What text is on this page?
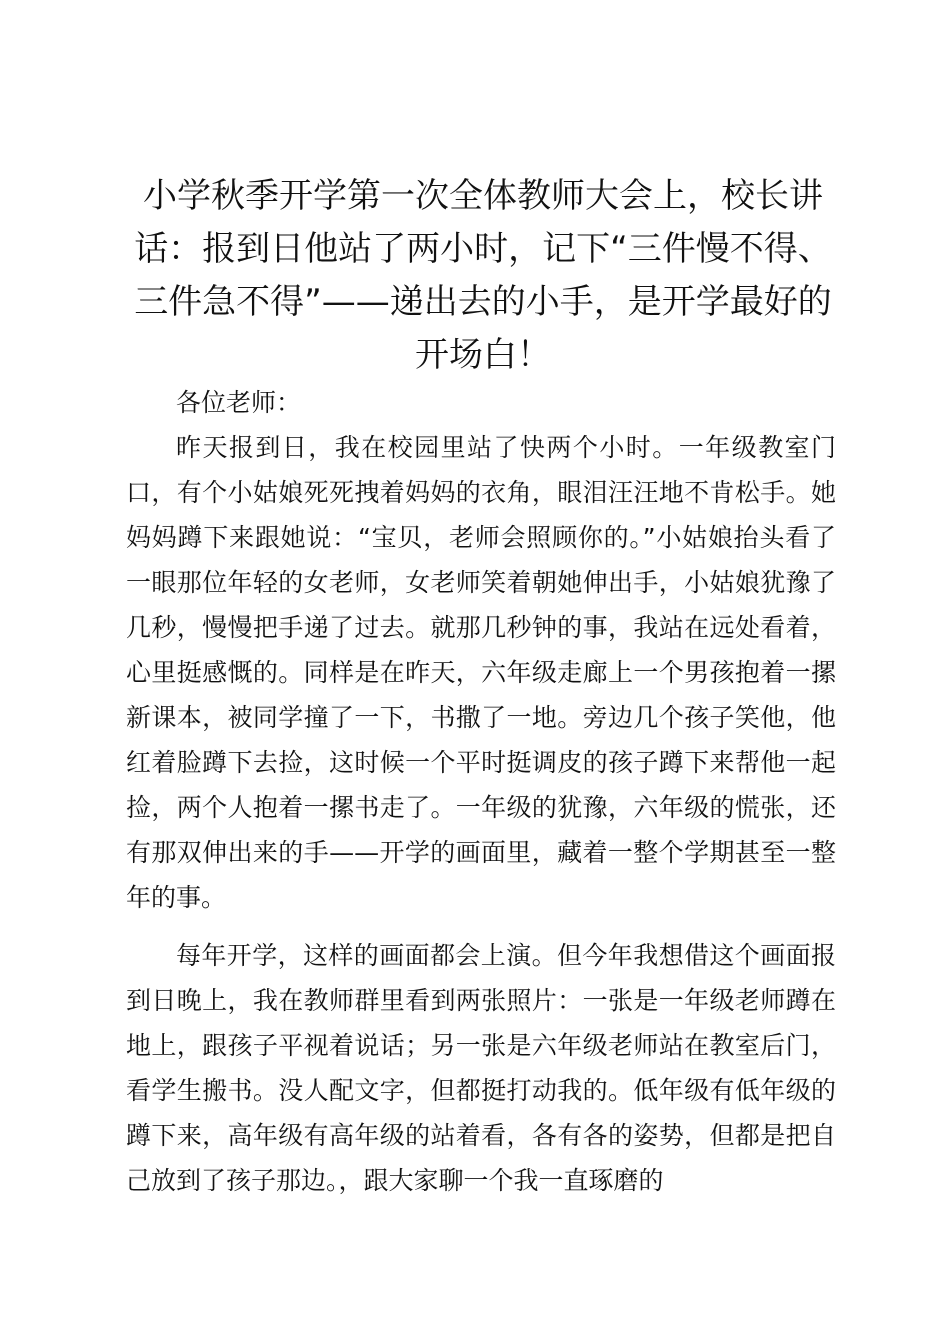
小学秋季开学第一次全体教师大会上，校长讲话：报到日他站了两小时，记下“三件慢不得、三件急不得”——递出去的小手，是开学最好的开场白！

各位老师：

昨天报到日，我在校园里站了快两个小时。一年级教室门口，有个小姑娘死死拽着妈妈的衣角，眼泪汪汪地不肯松手。她妈妈蹲下来跟她说：“宝贝，老师会照顾你的。”小姑娘抬头看了一眼那位年轻的女老师，女老师笑着朝她伸出手，小姑娘犹豫了几秒，慢慢把手递了过去。就那几秒钟的事，我站在远处看着，心里挺感慨的。同样是在昨天，六年级走廊上一个男孩抱着一摞新课本，被同学撞了一下，书撒了一地。旁边几个孩子笑他，他红着脸蹲下去捡，这时候一个平时挺调皮的孩子蹲下来帮他一起捡，两个人抱着一摞书走了。一年级的犹豫，六年级的慌张，还有那双伸出来的手——开学的画面里，藏着一整个学期甚至一整年的事。

每年开学，这样的画面都会上演。但今年我想借这个画面报到日晚上，我在教师群里看到两张照片：一张是一年级老师蹲在地上，跟孩子平视着说话；另一张是六年级老师站在教室后门，看学生搬书。没人配文字，但都挺打动我的。低年级有低年级的蹲下来，高年级有高年级的站着看，各有各的姿势，但都是把自己放到了孩子那边。，跟大家聊一个我一直琢磨的
